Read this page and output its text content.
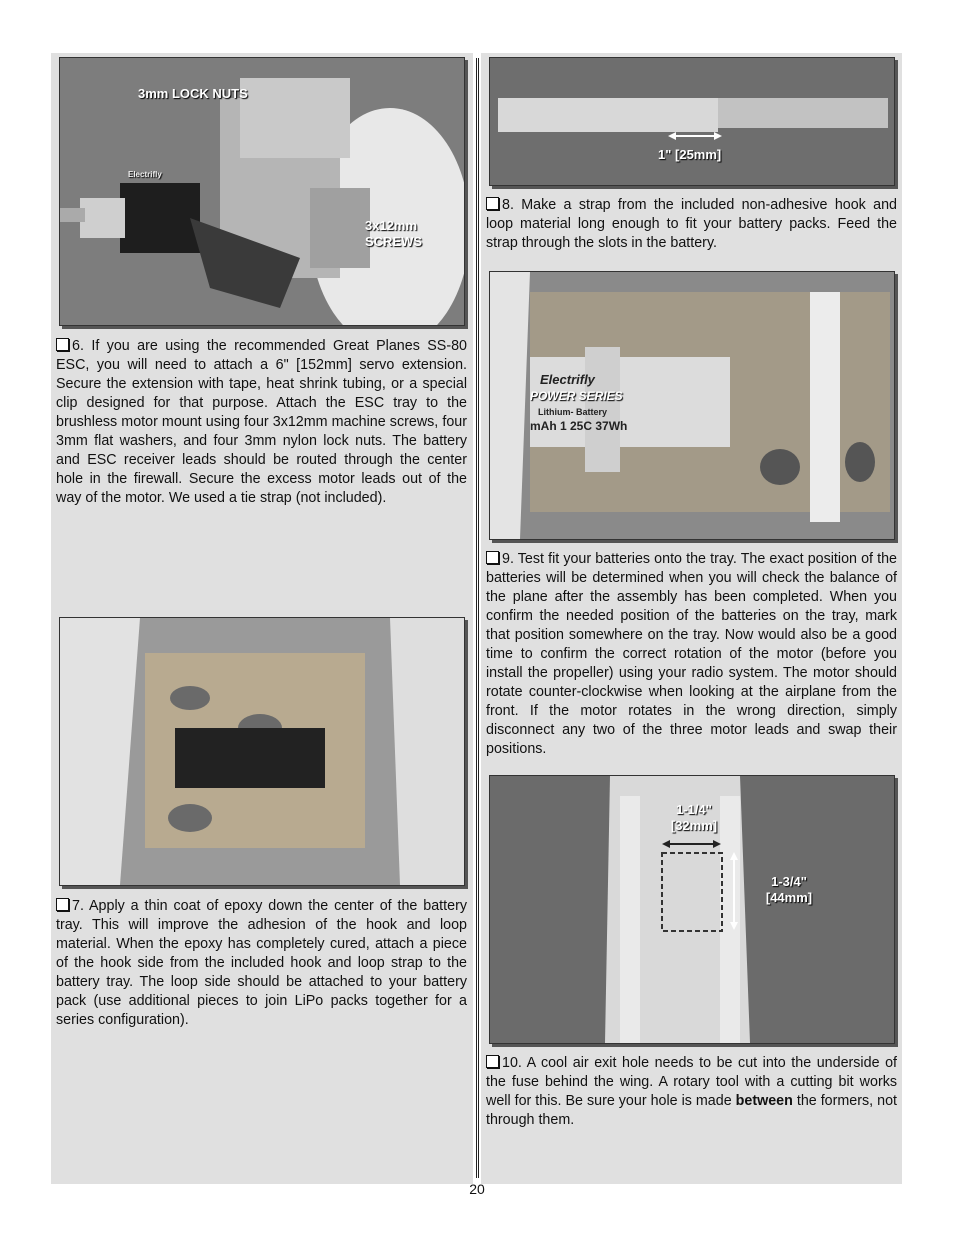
3mm LOCK NUTS
3x12mm SCREWS
Electrifly
6. If you are using the recommended Great Planes SS-80 ESC, you will need to attach a 6" [152mm] servo extension. Secure the extension with tape, heat shrink tubing, or a special clip designed for that purpose. Attach the ESC tray to the brushless motor mount using four 3x12mm machine screws, four 3mm flat washers, and four 3mm nylon lock nuts. The battery and ESC receiver leads should be routed through the center hole in the firewall. Secure the excess motor leads out of the way of the motor. We used a tie strap (not included).
7. Apply a thin coat of epoxy down the center of the battery tray. This will improve the adhesion of the hook and loop material. When the epoxy has completely cured, attach a piece of the hook side from the included hook and loop strap to the battery tray. The loop side should be attached to your battery pack (use additional pieces to join LiPo packs together for a series configuration).
1" [25mm]
8. Make a strap from the included non-adhesive hook and loop material long enough to fit your battery packs. Feed the strap through the slots in the battery.
Electrifly
POWER SERIES
Lithium- Battery
mAh 1 25C 37Wh
9. Test fit your batteries onto the tray. The exact position of the batteries will be determined when you will check the balance of the plane after the assembly has been completed. When you confirm the needed position of the batteries on the tray, mark that position somewhere on the tray. Now would also be a good time to confirm the correct rotation of the motor (before you install the propeller) using your radio system. The motor should rotate counter-clockwise when looking at the airplane from the front. If the motor rotates in the wrong direction, simply disconnect any two of the three motor leads and swap their positions.
1-1/4" [32mm]
1-3/4" [44mm]
10. A cool air exit hole needs to be cut into the underside of the fuse behind the wing. A rotary tool with a cutting bit works well for this. Be sure your hole is made between the formers, not through them.
20
